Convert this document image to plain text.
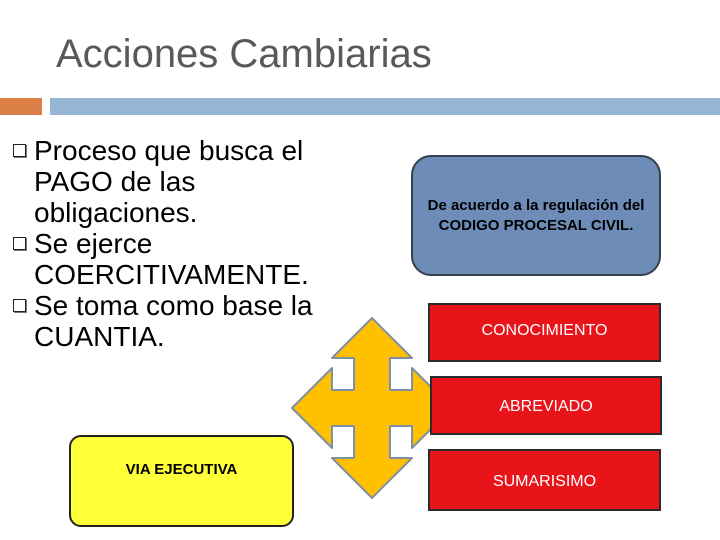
Acciones Cambiarias
Proceso que busca el PAGO de las obligaciones.
Se ejerce COERCITIVAMENTE.
Se toma como base la CUANTIA.
De acuerdo a la regulación del CODIGO PROCESAL CIVIL.
CONOCIMIENTO
ABREVIADO
SUMARISIMO
VIA EJECUTIVA
